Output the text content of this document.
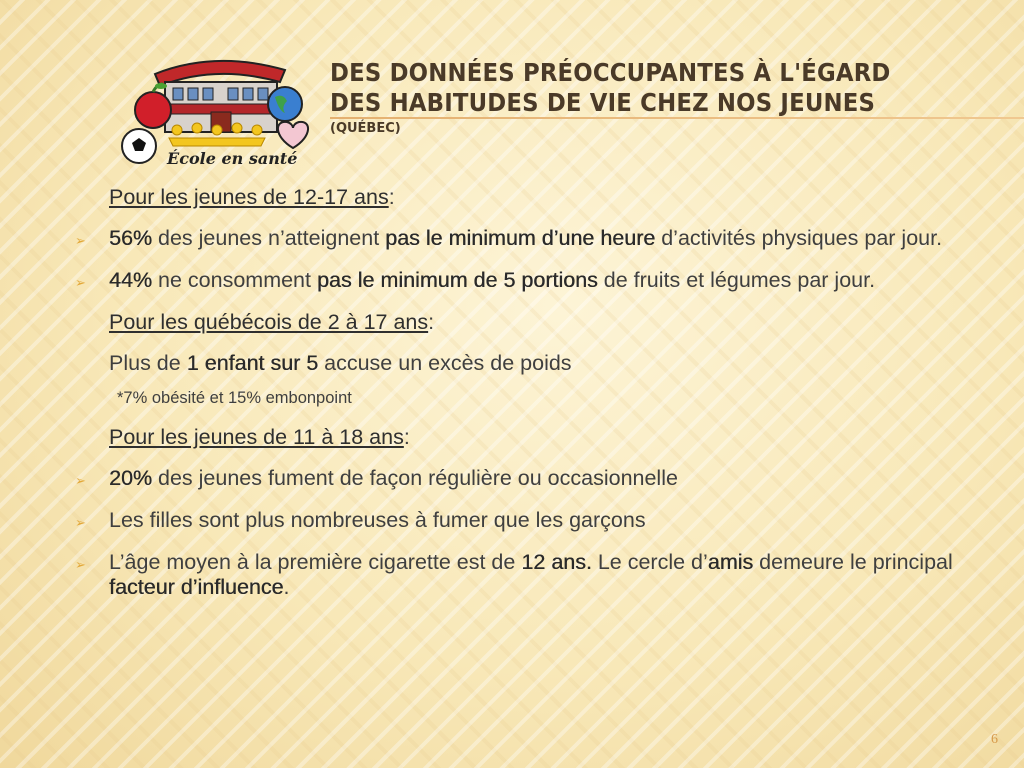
École en santé
DES DONNÉES PRÉOCCUPANTES À L'ÉGARD
DES HABITUDES DE VIE CHEZ NOS JEUNES
(QUÉBEC)
Pour les jeunes de 12-17 ans:
➢ 56% des jeunes n’atteignent pas le minimum d’une heure d’activités physiques par jour.
➢ 44% ne consomment pas le minimum de 5 portions de fruits et légumes par jour.
Pour les québécois de 2 à 17 ans:
Plus de 1 enfant sur 5 accuse un excès de poids
*7% obésité et 15% embonpoint
Pour les jeunes de 11 à 18 ans:
➢ 20% des jeunes fument de façon régulière ou occasionnelle
➢ Les filles sont plus nombreuses à fumer que les garçons
➢ L’âge moyen à la première cigarette est de 12 ans. Le cercle d’amis demeure le principal facteur d’influence.
6
